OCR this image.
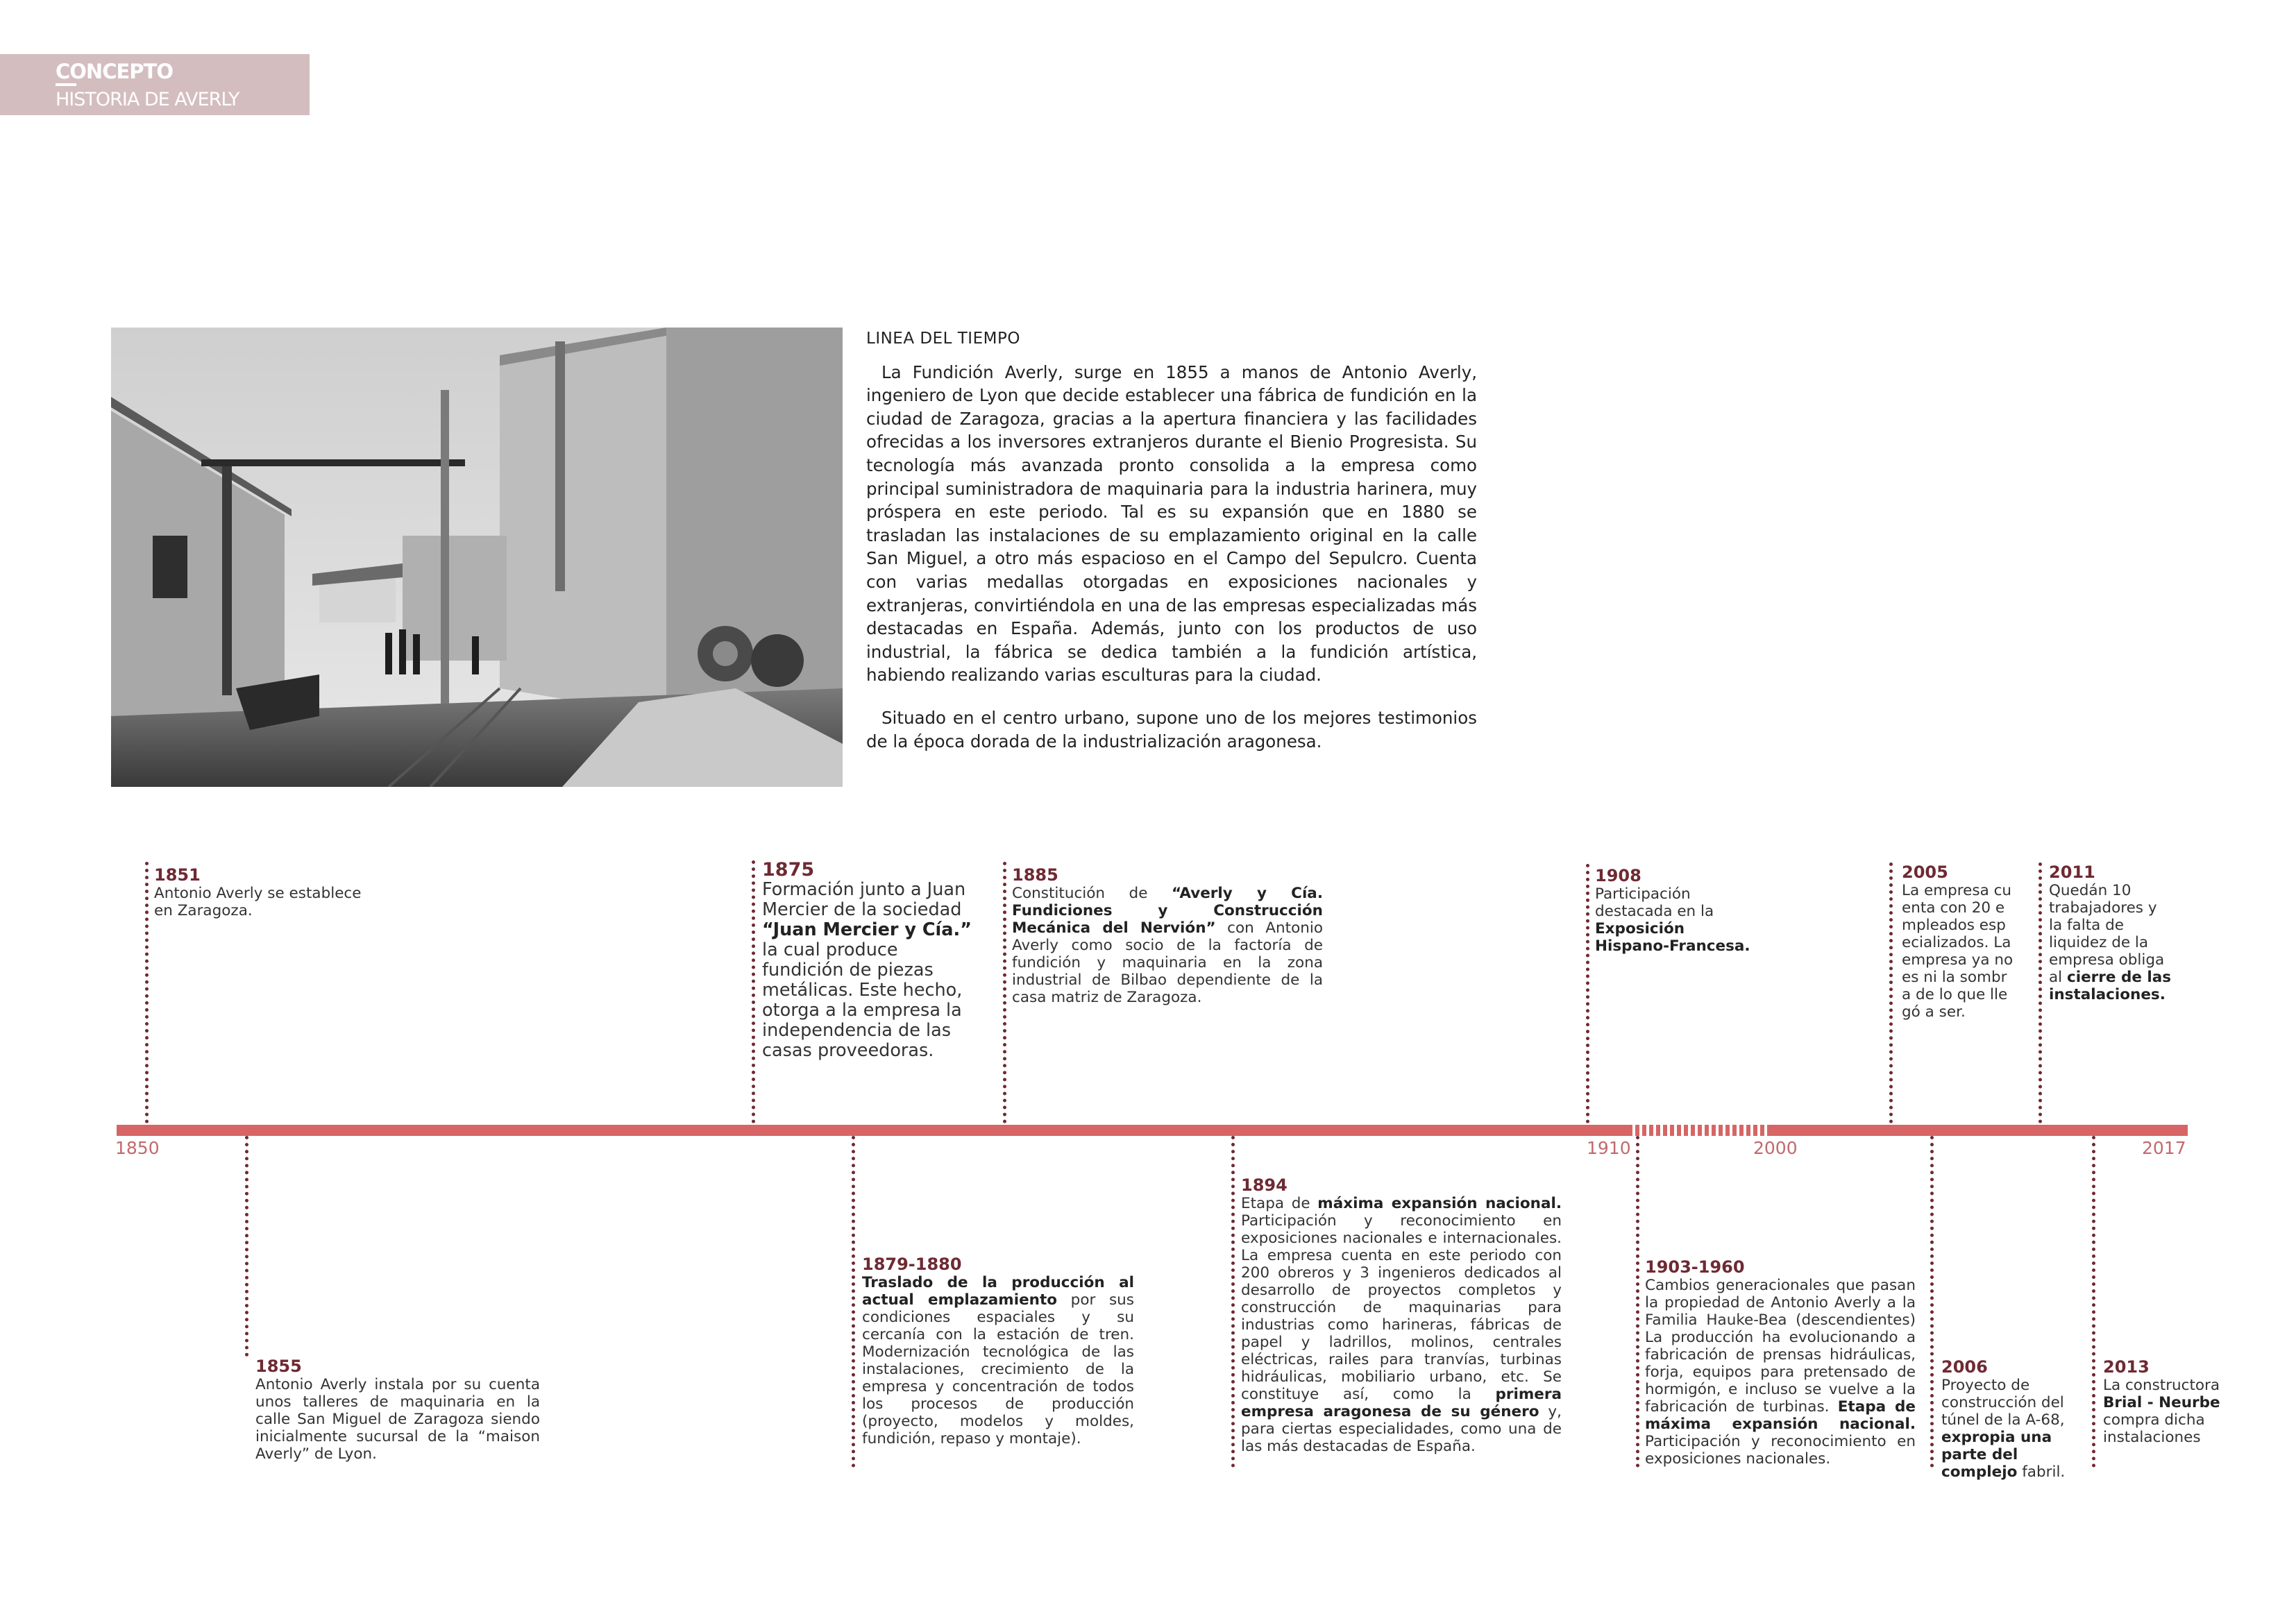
CONCEPTO
HISTORIA DE AVERLY
LINEA DEL TIEMPO

La Fundición Averly, surge en 1855 a manos de Antonio Averly, ingeniero de Lyon que decide establecer una fábrica de fundición en la ciudad de Zaragoza, gracias a la apertura financiera y las facilidades ofrecidas a los inversores extranjeros durante el Bienio Progresista. Su tecnología más avanzada pronto consolida a la empresa como principal suministradora de maquinaria para la industria harinera, muy próspera en este periodo. Tal es su expansión que en 1880 se trasladan las instalaciones de su emplazamiento original en la calle San Miguel, a otro más espacioso en el Campo del Sepulcro. Cuenta con varias medallas otorgadas en exposiciones nacionales y extranjeras, convirtiéndola en una de las empresas especializadas más destacadas en España. Además, junto con los productos de uso industrial, la fábrica se dedica también a la fundición artística, habiendo realizando varias esculturas para la ciudad.

Situado en el centro urbano, supone uno de los mejores testimonios de la época dorada de la industrialización aragonesa.

1850	1910	2000	2017
1851
Antonio Averly se establece en Zaragoza.
1875
Formación junto a Juan Mercier de la sociedad “Juan Mercier y Cía.” la cual produce fundición de piezas metálicas. Este hecho, otorga a la empresa la independencia de las casas proveedoras.
1885
Constitución de “Averly y Cía. Fundiciones y Construcción Mecánica del Nervión” con Antonio Averly como socio de la factoría de fundición y maquinaria en la zona industrial de Bilbao dependiente de la casa matriz de Zaragoza.
1908
Participación destacada en la Exposición Hispano-Francesa.
2005
La empresa cuenta con 20 empleados especializados. La empresa ya no es ni la sombra de lo que llegó a ser.
2011
Quedán 10 trabajadores y la falta de liquidez de la empresa obliga al cierre de las instalaciones.
1855
Antonio Averly instala por su cuenta unos talleres de maquinaria en la calle San Miguel de Zaragoza siendo inicialmente sucursal de la “maison Averly” de Lyon.
1879-1880
Traslado de la producción al actual emplazamiento por sus condiciones espaciales y su cercanía con la estación de tren. Modernización tecnológica de las instalaciones, crecimiento de la empresa y concentración de todos los procesos de producción (proyecto, modelos y moldes, fundición, repaso y montaje).
1894
Etapa de máxima expansión nacional. Participación y reconocimiento en exposiciones nacionales e internacionales. La empresa cuenta en este periodo con 200 obreros y 3 ingenieros dedicados al desarrollo de proyectos completos y construcción de maquinarias para industrias como harineras, fábricas de papel y ladrillos, molinos, centrales eléctricas, railes para tranvías, turbinas hidráulicas, mobiliario urbano, etc. Se constituye así, como la primera empresa aragonesa de su género y, para ciertas especialidades, como una de las más destacadas de España.
1903-1960
Cambios generacionales que pasan la propiedad de Antonio Averly a la Familia Hauke-Bea (descendientes) La producción ha evolucionando a fabricación de prensas hidráulicas, forja, equipos para pretensado de hormigón, e incluso se vuelve a la fabricación de turbinas. Etapa de máxima expansión nacional. Participación y reconocimiento en exposiciones nacionales.
2006
Proyecto de construcción del túnel de la A-68, expropia una parte del complejo fabril.
2013
La constructora Brial - Neurbe compra dicha instalaciones
